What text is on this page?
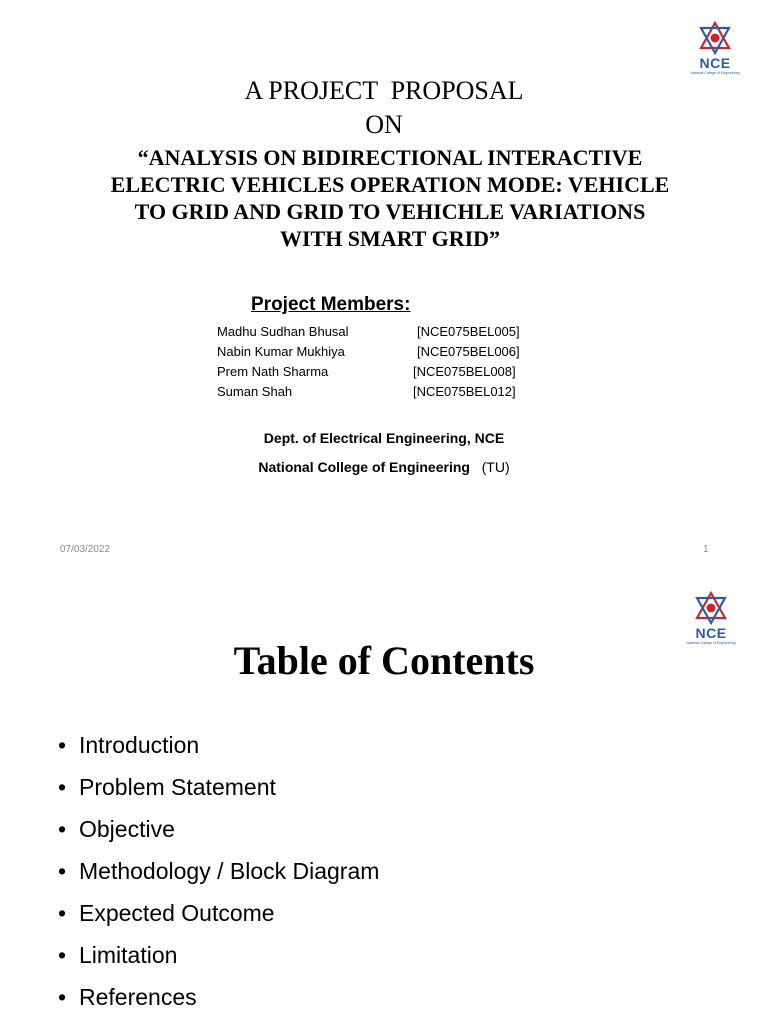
NCE
National College of Engineering
A PROJECT  PROPOSAL
ON
“ANALYSIS ON BIDIRECTIONAL INTERACTIVE ELECTRIC VEHICLES OPERATION MODE: VEHICLE TO GRID AND GRID TO VEHICHLE VARIATIONS WITH SMART GRID”
Project Members:
Madhu Sudhan Bhusal	[NCE075BEL005]
Nabin Kumar Mukhiya	[NCE075BEL006]
Prem Nath Sharma	[NCE075BEL008]
Suman Shah	[NCE075BEL012]
Dept. of Electrical Engineering, NCE
National College of Engineering (TU)
07/03/2022	1
NCE
National College of Engineering
Table of Contents
• Introduction
• Problem Statement
• Objective
• Methodology / Block Diagram
• Expected Outcome
• Limitation
• References
